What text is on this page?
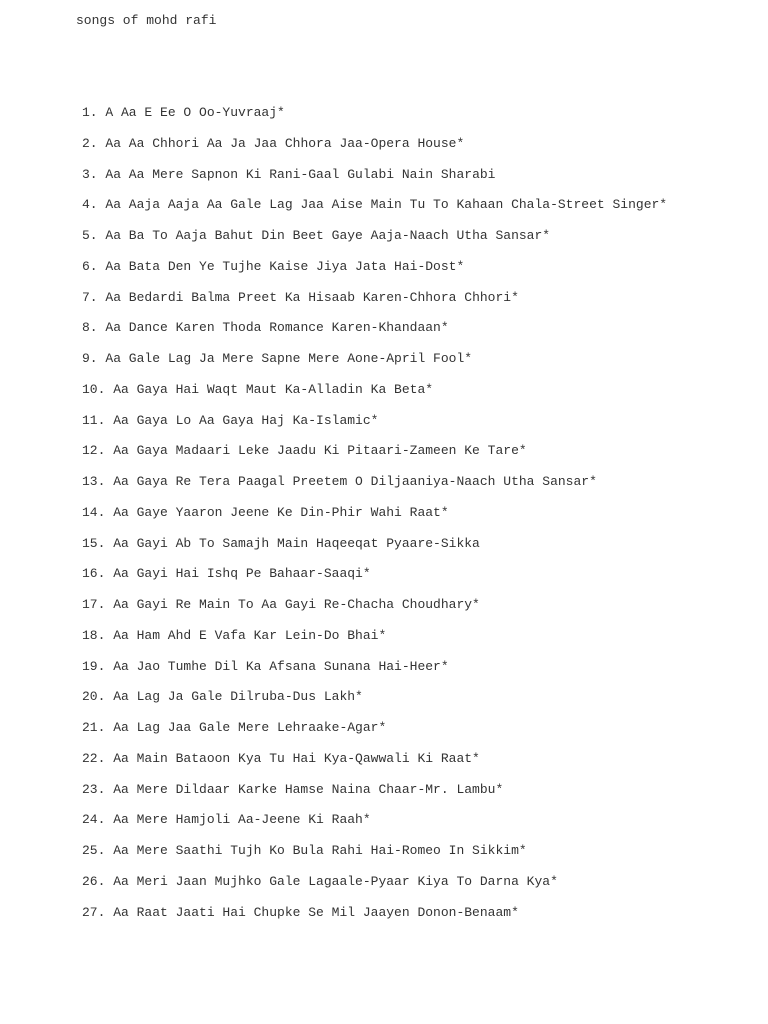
songs of mohd rafi
1. A Aa E Ee O Oo-Yuvraaj*
2. Aa Aa Chhori Aa Ja Jaa Chhora Jaa-Opera House*
3. Aa Aa Mere Sapnon Ki Rani-Gaal Gulabi Nain Sharabi
4. Aa Aaja Aaja Aa Gale Lag Jaa Aise Main Tu To Kahaan Chala-Street Singer*
5. Aa Ba To Aaja Bahut Din Beet Gaye Aaja-Naach Utha Sansar*
6. Aa Bata Den Ye Tujhe Kaise Jiya Jata Hai-Dost*
7. Aa Bedardi Balma Preet Ka Hisaab Karen-Chhora Chhori*
8. Aa Dance Karen Thoda Romance Karen-Khandaan*
9. Aa Gale Lag Ja Mere Sapne Mere Aone-April Fool*
10. Aa Gaya Hai Waqt Maut Ka-Alladin Ka Beta*
11. Aa Gaya Lo Aa Gaya Haj Ka-Islamic*
12. Aa Gaya Madaari Leke Jaadu Ki Pitaari-Zameen Ke Tare*
13. Aa Gaya Re Tera Paagal Preetem O Diljaaniya-Naach Utha Sansar*
14. Aa Gaye Yaaron Jeene Ke Din-Phir Wahi Raat*
15. Aa Gayi Ab To Samajh Main Haqeeqat Pyaare-Sikka
16. Aa Gayi Hai Ishq Pe Bahaar-Saaqi*
17. Aa Gayi Re Main To Aa Gayi Re-Chacha Choudhary*
18. Aa Ham Ahd E Vafa Kar Lein-Do Bhai*
19. Aa Jao Tumhe Dil Ka Afsana Sunana Hai-Heer*
20. Aa Lag Ja Gale Dilruba-Dus Lakh*
21. Aa Lag Jaa Gale Mere Lehraake-Agar*
22. Aa Main Bataoon Kya Tu Hai Kya-Qawwali Ki Raat*
23. Aa Mere Dildaar Karke Hamse Naina Chaar-Mr. Lambu*
24. Aa Mere Hamjoli Aa-Jeene Ki Raah*
25. Aa Mere Saathi Tujh Ko Bula Rahi Hai-Romeo In Sikkim*
26. Aa Meri Jaan Mujhko Gale Lagaale-Pyaar Kiya To Darna Kya*
27. Aa Raat Jaati Hai Chupke Se Mil Jaayen Donon-Benaam*
